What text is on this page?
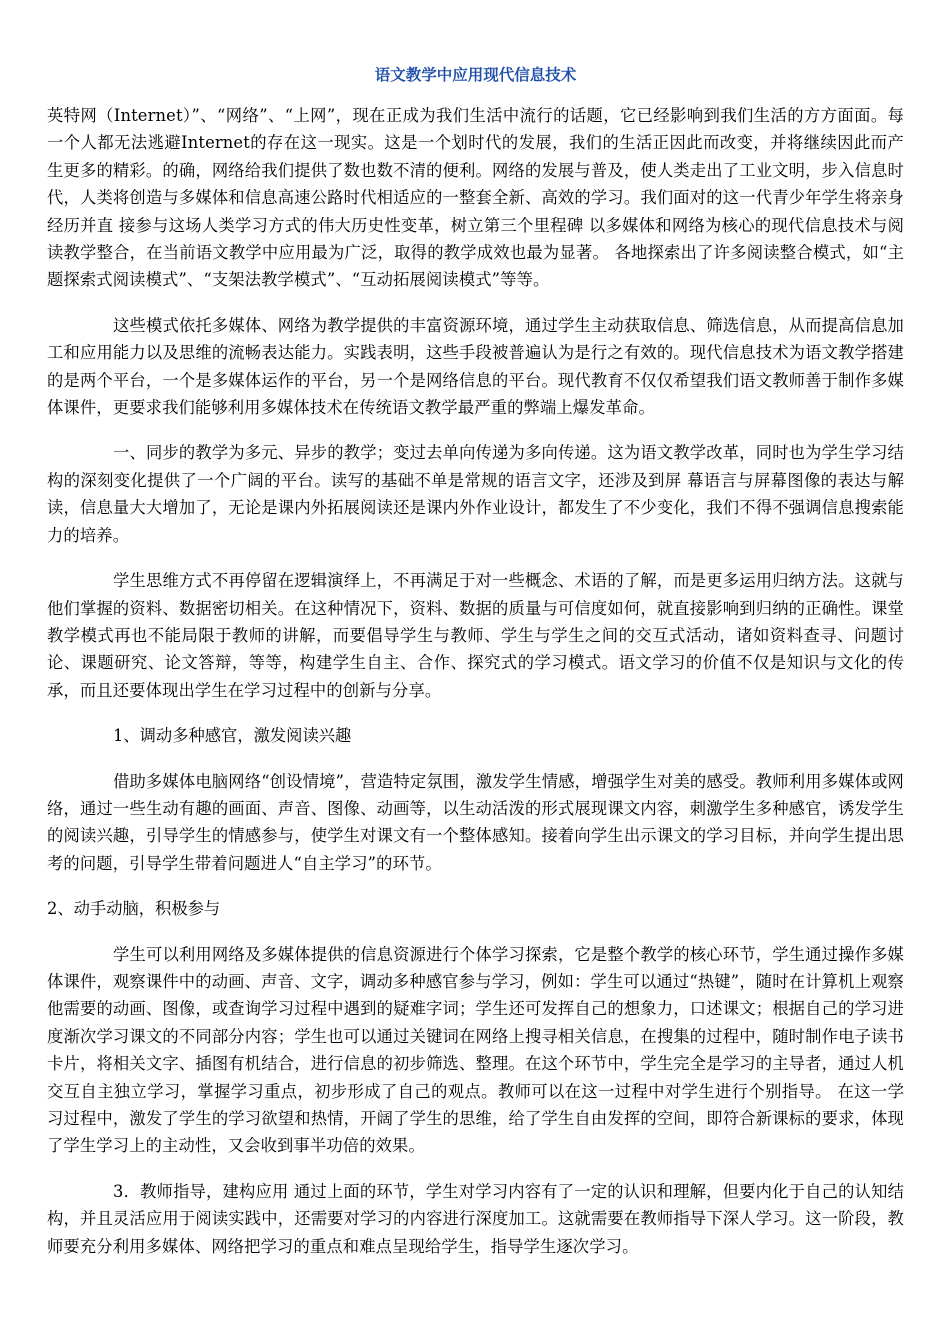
语文教学中应用现代信息技术

英特网（Internet）”、“网络”、“上网”，现在正成为我们生活中流行的话题，它已经影响到我们生活的方方面面。每一个人都无法逃避Internet的存在这一现实。这是一个划时代的发展，我们的生活正因此而改变，并将继续因此而产生更多的精彩。的确，网络给我们提供了数也数不清的便利。网络的发展与普及，使人类走出了工业文明，步入信息时代，人类将创造与多媒体和信息高速公路时代相适应的一整套全新、高效的学习。我们面对的这一代青少年学生将亲身经历并直 接参与这场人类学习方式的伟大历史性变革，树立第三个里程碑 以多媒体和网络为核心的现代信息技术与阅读教学整合，在当前语文教学中应用最为广泛，取得的教学成效也最为显著。 各地探索出了许多阅读整合模式，如“主题探索式阅读模式”、“支架法教学模式”、“互动拓展阅读模式”等等。

这些模式依托多媒体、网络为教学提供的丰富资源环境，通过学生主动获取信息、筛选信息，从而提高信息加工和应用能力以及思维的流畅表达能力。实践表明，这些手段被普遍认为是行之有效的。现代信息技术为语文教学搭建的是两个平台，一个是多媒体运作的平台，另一个是网络信息的平台。现代教育不仅仅希望我们语文教师善于制作多媒体课件，更要求我们能够利用多媒体技术在传统语文教学最严重的弊端上爆发革命。

一、同步的教学为多元、异步的教学；变过去单向传递为多向传递。这为语文教学改革，同时也为学生学习结构的深刻变化提供了一个广阔的平台。读写的基础不单是常规的语言文字，还涉及到屏 幕语言与屏幕图像的表达与解读，信息量大大增加了，无论是课内外拓展阅读还是课内外作业设计，都发生了不少变化，我们不得不强调信息搜索能力的培养。

学生思维方式不再停留在逻辑演绎上，不再满足于对一些概念、术语的了解，而是更多运用归纳方法。这就与他们掌握的资料、数据密切相关。在这种情况下，资料、数据的质量与可信度如何，就直接影响到归纳的正确性。课堂教学模式再也不能局限于教师的讲解，而要倡导学生与教师、学生与学生之间的交互式活动，诸如资料查寻、问题讨论、课题研究、论文答辩，等等，构建学生自主、合作、探究式的学习模式。语文学习的价值不仅是知识与文化的传承，而且还要体现出学生在学习过程中的创新与分享。

1、调动多种感官，激发阅读兴趣

借助多媒体电脑网络“创设情境”，营造特定氛围，激发学生情感，增强学生对美的感受。教师利用多媒体或网络，通过一些生动有趣的画面、声音、图像、动画等，以生动活泼的形式展现课文内容，刺激学生多种感官，诱发学生的阅读兴趣，引导学生的情感参与，使学生对课文有一个整体感知。接着向学生出示课文的学习目标，并向学生提出思考的问题，引导学生带着问题进人“自主学习”的环节。

2、动手动脑，积极参与

学生可以利用网络及多媒体提供的信息资源进行个体学习探索，它是整个教学的核心环节，学生通过操作多媒体课件，观察课件中的动画、声音、文字，调动多种感官参与学习，例如：学生可以通过“热键”，随时在计算机上观察他需要的动画、图像，或查询学习过程中遇到的疑难字词；学生还可发挥自己的想象力，口述课文；根据自己的学习进度渐次学习课文的不同部分内容；学生也可以通过关键词在网络上搜寻相关信息，在搜集的过程中，随时制作电子读书卡片，将相关文字、插图有机结合，进行信息的初步筛选、整理。在这个环节中，学生完全是学习的主导者，通过人机交互自主独立学习，掌握学习重点，初步形成了自己的观点。教师可以在这一过程中对学生进行个别指导。 在这一学习过程中，激发了学生的学习欲望和热情，开阔了学生的思维，给了学生自由发挥的空间，即符合新课标的要求，体现了学生学习上的主动性，又会收到事半功倍的效果。

3．教师指导，建构应用 通过上面的环节，学生对学习内容有了一定的认识和理解，但要内化于自己的认知结构，并且灵活应用于阅读实践中，还需要对学习的内容进行深度加工。这就需要在教师指导下深人学习。这一阶段，教师要充分利用多媒体、网络把学习的重点和难点呈现给学生，指导学生逐次学习。
